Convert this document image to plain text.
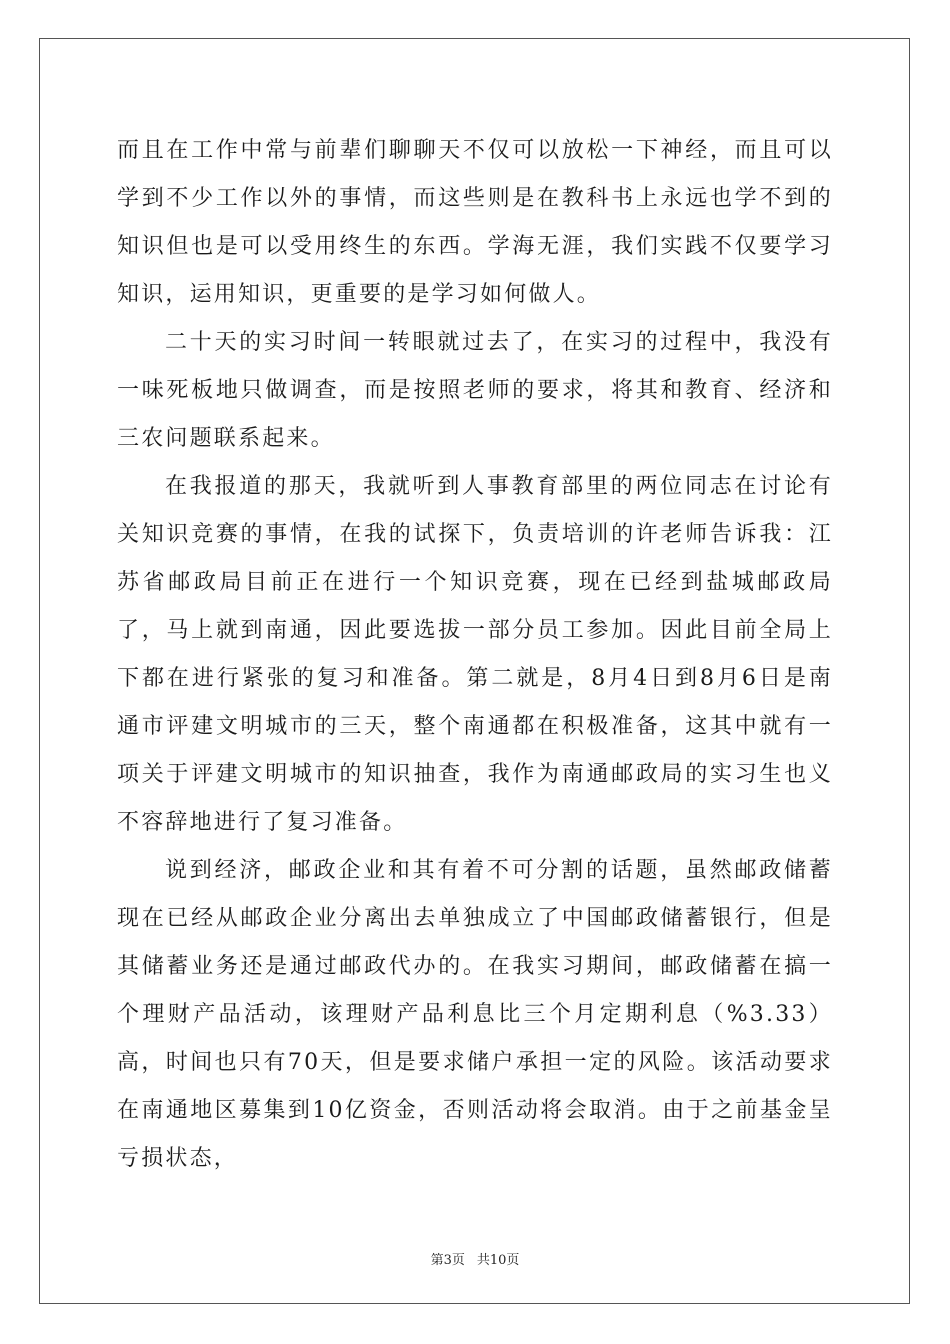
而且在工作中常与前辈们聊聊天不仅可以放松一下神经，而且可以学到不少工作以外的事情，而这些则是在教科书上永远也学不到的知识但也是可以受用终生的东西。学海无涯，我们实践不仅要学习知识，运用知识，更重要的是学习如何做人。

二十天的实习时间一转眼就过去了，在实习的过程中，我没有一味死板地只做调查，而是按照老师的要求，将其和教育、经济和三农问题联系起来。

在我报道的那天，我就听到人事教育部里的两位同志在讨论有关知识竞赛的事情，在我的试探下，负责培训的许老师告诉我：江苏省邮政局目前正在进行一个知识竞赛，现在已经到盐城邮政局了，马上就到南通，因此要选拔一部分员工参加。因此目前全局上下都在进行紧张的复习和准备。第二就是，8月4日到8月6日是南通市评建文明城市的三天，整个南通都在积极准备，这其中就有一项关于评建文明城市的知识抽查，我作为南通邮政局的实习生也义不容辞地进行了复习准备。

说到经济，邮政企业和其有着不可分割的话题，虽然邮政储蓄现在已经从邮政企业分离出去单独成立了中国邮政储蓄银行，但是其储蓄业务还是通过邮政代办的。在我实习期间，邮政储蓄在搞一个理财产品活动，该理财产品利息比三个月定期利息（%3.33）高，时间也只有70天，但是要求储户承担一定的风险。该活动要求在南通地区募集到10亿资金，否则活动将会取消。由于之前基金呈亏损状态，

第3页 共10页
